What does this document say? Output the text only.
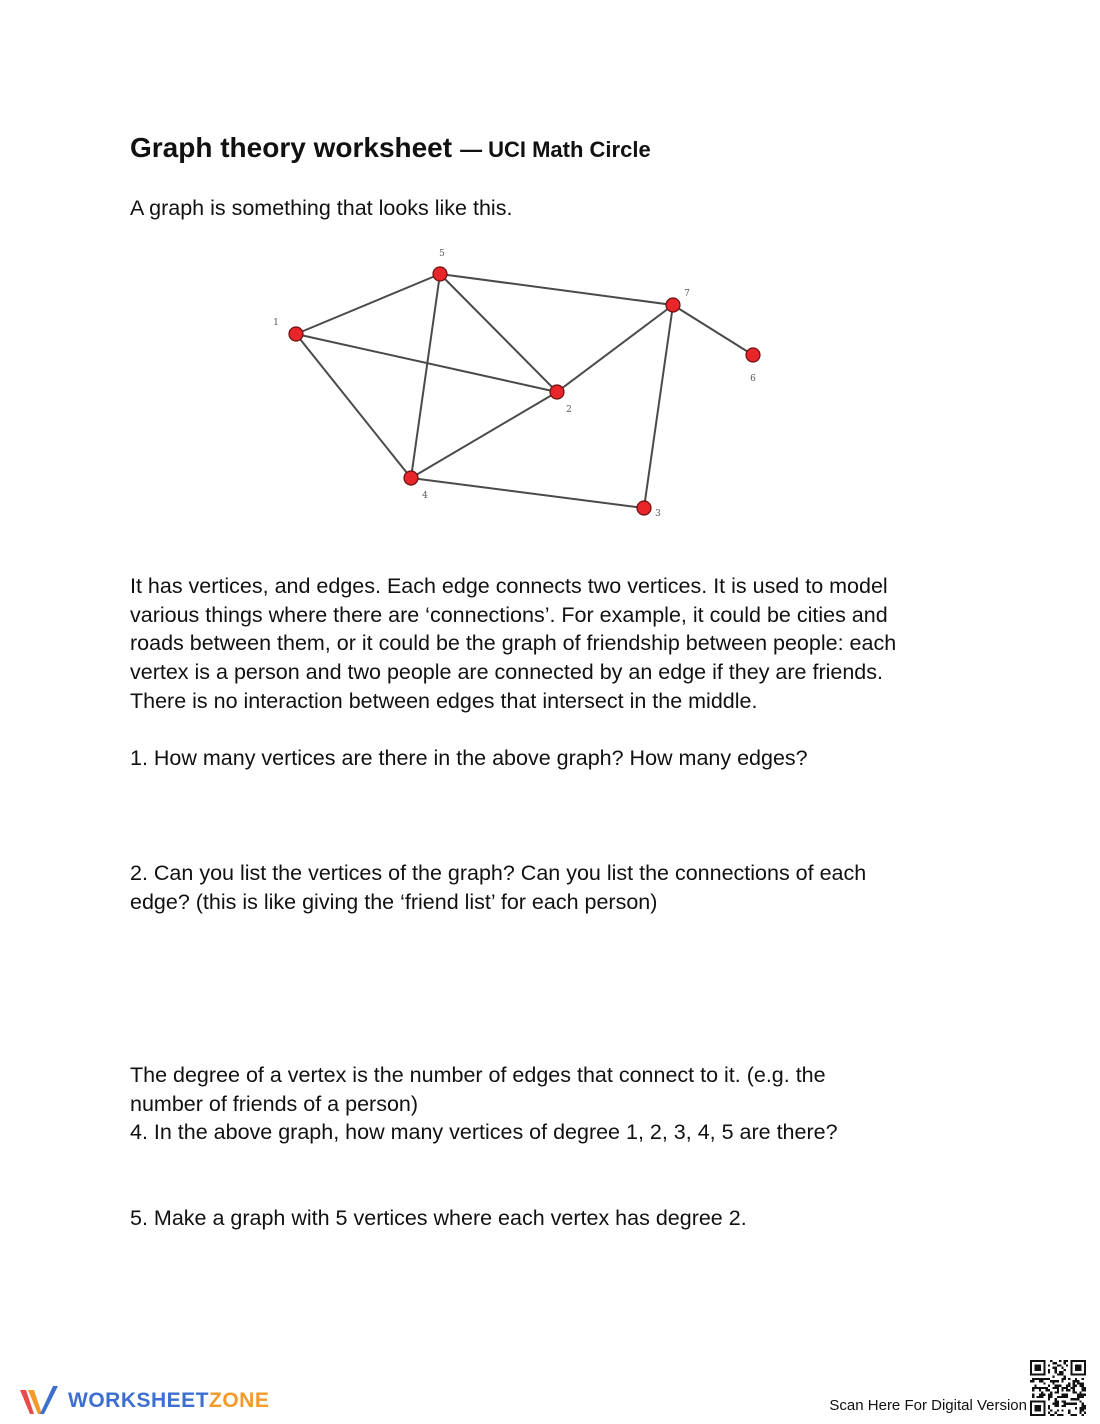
Graph theory worksheet — UCI Math Circle

A graph is something that looks like this.

1
2
3
4
5
6
7
It has vertices, and edges. Each edge connects two vertices. It is used to model
various things where there are ‘connections’. For example, it could be cities and
roads between them, or it could be the graph of friendship between people: each
vertex is a person and two people are connected by an edge if they are friends.
There is no interaction between edges that intersect in the middle.

1. How many vertices are there in the above graph? How many edges?

2. Can you list the vertices of the graph? Can you list the connections of each
edge? (this is like giving the ‘friend list’ for each person)
The degree of a vertex is the number of edges that connect to it. (e.g. the
number of friends of a person)
4. In the above graph, how many vertices of degree 1, 2, 3, 4, 5 are there?

5. Make a graph with 5 vertices where each vertex has degree 2.

WORKSHEETZONE	Scan Here For Digital Version
